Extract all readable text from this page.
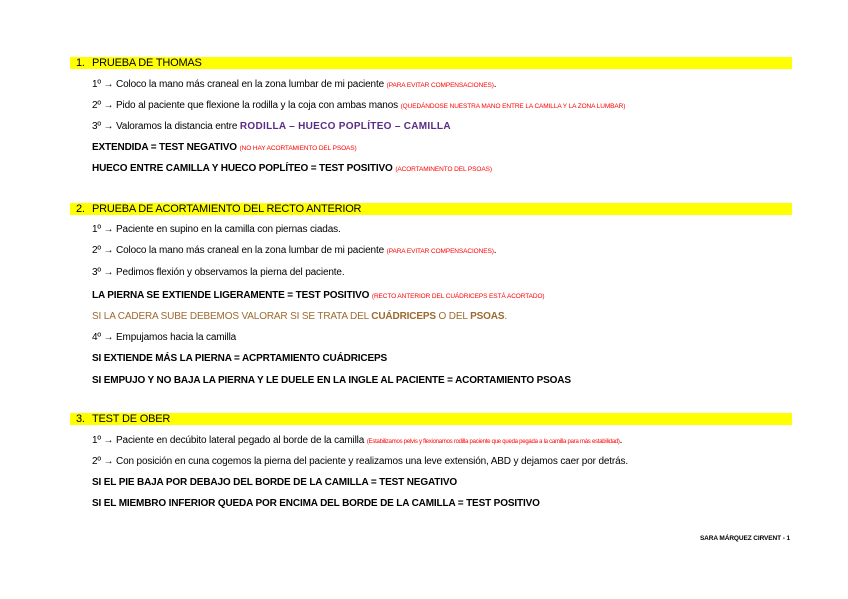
1. PRUEBA DE THOMAS
1º → Coloco la mano más craneal en la zona lumbar de mi paciente (PARA EVITAR COMPENSACIONES).
2º → Pido al paciente que flexione la rodilla y la coja con ambas manos (QUEDÁNDOSE NUESTRA MANO ENTRE LA CAMILLA Y LA ZONA LUMBAR)
3º → Valoramos la distancia entre RODILLA – HUECO POPLÍTEO – CAMILLA
EXTENDIDA = TEST NEGATIVO (NO HAY ACORTAMIENTO DEL PSOAS)
HUECO ENTRE CAMILLA Y HUECO POPLÍTEO = TEST POSITIVO (ACORTAMINENTO DEL PSOAS)
2. PRUEBA DE ACORTAMIENTO DEL RECTO ANTERIOR
1º → Paciente en supino en la camilla con piernas ciadas.
2º → Coloco la mano más craneal en la zona lumbar de mi paciente (PARA EVITAR COMPENSACIONES).
3º → Pedimos flexión y observamos la pierna del paciente.
LA PIERNA SE EXTIENDE LIGERAMENTE = TEST POSITIVO (RECTO ANTERIOR DEL CUÁDRICEPS ESTÁ ACORTADO)
SI LA CADERA SUBE DEBEMOS VALORAR SI SE TRATA DEL CUÁDRICEPS O DEL PSOAS.
4º → Empujamos hacia la camilla
SI EXTIENDE MÁS LA PIERNA = ACPRTAMIENTO CUÁDRICEPS
SI EMPUJO Y NO BAJA LA PIERNA Y LE DUELE EN LA INGLE AL PACIENTE = ACORTAMIENTO PSOAS
3. TEST DE OBER
1º → Paciente en decúbito lateral pegado al borde de la camilla (Estabilizamos pelvis y flexionamos rodilla paciente que queda pegada a la camilla para más estabilidad).
2º → Con posición en cuna cogemos la pierna del paciente y realizamos una leve extensión, ABD y dejamos caer por detrás.
SI EL PIE BAJA POR DEBAJO DEL BORDE DE LA CAMILLA = TEST NEGATIVO
SI EL MIEMBRO INFERIOR QUEDA POR ENCIMA DEL BORDE DE LA CAMILLA = TEST POSITIVO
SARA MÁRQUEZ CIRVENT - 1
